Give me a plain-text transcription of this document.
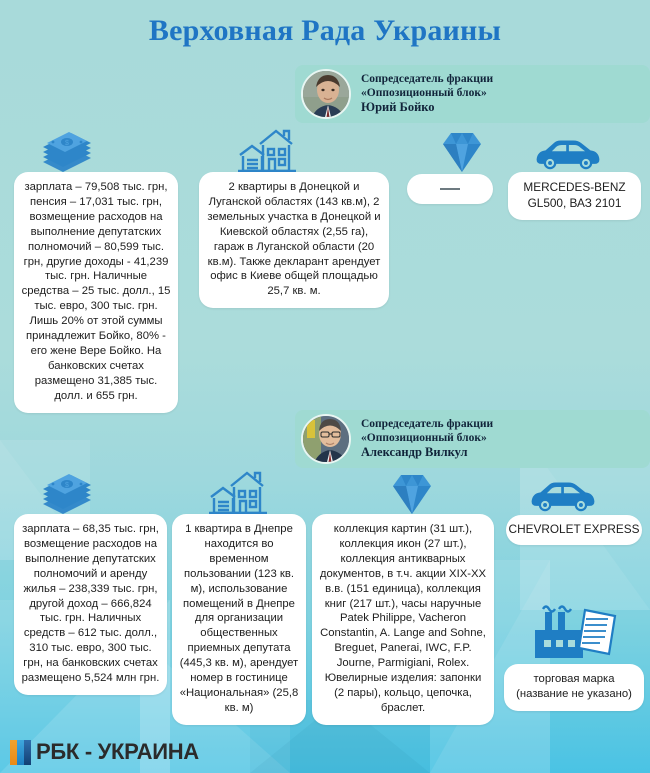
Верховная Рада Украины
Сопредседатель фракции
«Оппозиционный блок»
Юрий Бойко
$
зарплата – 79,508 тыс. грн, пенсия – 17,031 тыс. грн, возмещение расходов на выполнение депутатских полномочий – 80,599 тыс. грн, другие доходы - 41,239 тыс. грн. Наличные средства – 25 тыс. долл., 15 тыс. евро, 300 тыс. грн. Лишь 20% от этой суммы принадлежит Бойко, 80% - его жене Вере Бойко. На банковских счетах размещено 31,385 тыс. долл. и 655 грн.
2 квартиры в Донецкой и Луганской областях (143 кв.м), 2 земельных участка в Донецкой и Киевской областях (2,55 га), гараж в Луганской области (20 кв.м). Также декларант арендует офис в Киеве общей площадью 25,7 кв. м.
MERCEDES-BENZ GL500, ВАЗ 2101
Сопредседатель фракции
«Оппозиционный блок»
Александр Вилкул
$
зарплата – 68,35 тыс. грн, возмещение расходов на выполнение депутатских полномочий и аренду жилья – 238,339 тыс. грн, другой доход – 666,824 тыс. грн. Наличных средств – 612 тыс. долл., 310 тыс. евро, 300 тыс. грн, на банковских счетах размещено 5,524 млн грн.
1 квартира в Днепре находится во временном пользовании (123 кв. м), использование помещений в Днепре для организации общественных приемных депутата (445,3 кв. м), арендует номер в гостинице «Национальная» (25,8 кв. м)
коллекция картин (31 шт.), коллекция икон (27 шт.), коллекция антикварных документов, в т.ч. акции XIX-XX в.в. (151 единица), коллекция книг (217 шт.), часы наручные Patek Philippe, Vacheron Constantin, A. Lange and Sohne, Breguet, Panerai, IWC, F.P. Journe, Parmigiani, Rolex. Ювелирные изделия: запонки (2 пары), кольцо, цепочка, браслет.
CHEVROLET EXPRESS
торговая марка (название не указано)
РБК - УКРАИНА
